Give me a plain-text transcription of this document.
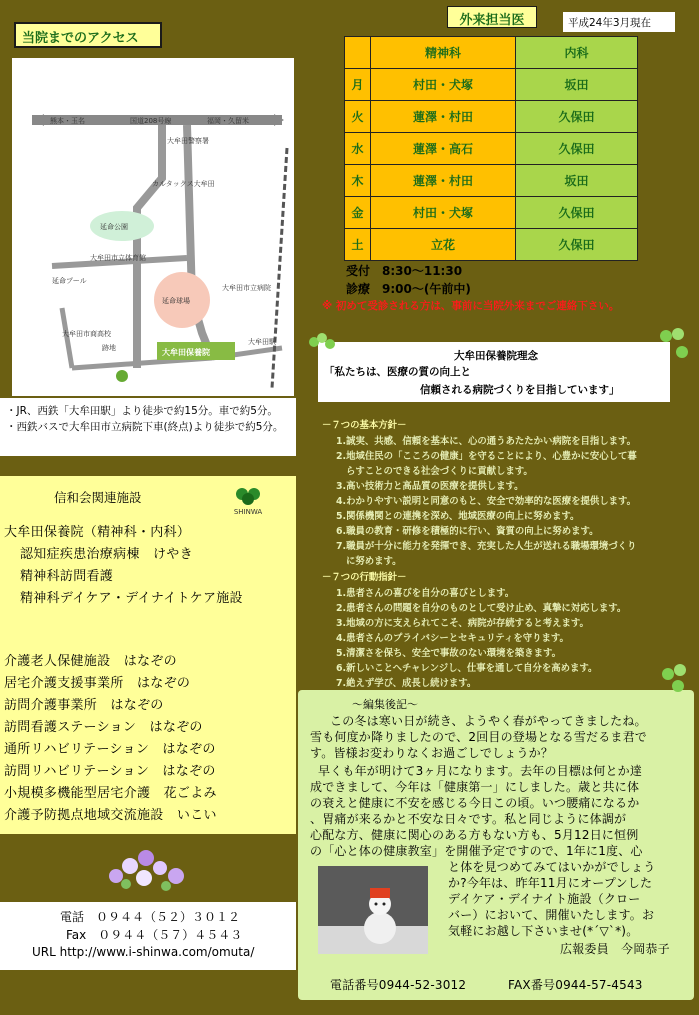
当院までのアクセス
熊本・玉名	国道208号線	福岡・久留米
大牟田警察署
カルタックス大牟田
延命公園
大牟田市立体育館
延命プール
延命球場
大牟田市立病院
大牟田市商高校
跡地	大牟田保養院
大牟田駅
・JR、西鉄「大牟田駅」より徒歩で約15分。車で約5分。
・西鉄バスで大牟田市立病院下車(終点)より徒歩で約5分。
信和会関連施設
SHINWA
大牟田保養院（精神科・内科）
認知症疾患治療病棟　けやき
精神科訪問看護
精神科デイケア・デイナイトケア施設
介護老人保健施設　はなぞの
居宅介護支援事業所　はなぞの
訪問介護事業所　はなぞの
訪問看護ステーション　はなぞの
通所リハビリテーション　はなぞの
訪問リハビリテーション　はなぞの
小規模多機能型居宅介護　花ごよみ
介護予防拠点地域交流施設　いこい
電話　０９４４（５２）３０１２
Fax　０９４４（５７）４５４３
URL http://www.i-shinwa.com/omuta/
外来担当医	平成24年3月現在
	精神科	内科
月	村田・犬塚	坂田
火	蓮澤・村田	久保田
水	蓮澤・高石	久保田
木	蓮澤・村田	坂田
金	村田・犬塚	久保田
土	立花	久保田
受付　8:30～11:30
診療　9:00～(午前中)
※ 初めて受診される方は、事前に当院外来までご連絡下さい。
大牟田保養院理念
「私たちは、医療の質の向上と
信頼される病院づくりを目指しています」
－７つの基本方針－
1.誠実、共感、信頼を基本に、心の通うあたたかい病院を目指します。
2.地域住民の「こころの健康」を守ることにより、心豊かに安心して暮
らすことのできる社会づくりに貢献します。
3.高い技術力と高品質の医療を提供します。
4.わかりやすい説明と同意のもと、安全で効率的な医療を提供します。
5.関係機関との連携を深め、地域医療の向上に努めます。
6.職員の教育・研修を積極的に行い、資質の向上に努めます。
7.職員が十分に能力を発揮でき、充実した人生が送れる職場環境づくり
に努めます。
－７つの行動指針－
1.患者さんの喜びを自分の喜びとします。
2.患者さんの問題を自分のものとして受け止め、真摯に対応します。
3.地域の方に支えられてこそ、病院が存続すると考えます。
4.患者さんのプライバシーとセキュリティを守ります。
5.清潔さを保ち、安全で事故のない環境を築きます。
6.新しいことへチャレンジし、仕事を通して自分を高めます。
7.絶えず学び、成長し続けます。
～編集後記～
この冬は寒い日が続き、ようやく春がやってきましたね。
雪も何度か降りましたので、2回目の登場となる雪だるま君で
す。皆様お変わりなくお過ごしでしょうか？
早くも年が明けて3ヶ月になります。去年の目標は何とか達
成できまして、今年は「健康第一」にしました。歳と共に体
の衰えと健康に不安を感じる今日この頃。いつ腰痛になるか
、胃痛が来るかと不安な日々です。私と同じように体調が
心配な方、健康に関心のある方もない方も、5月12日に恒例
の「心と体の健康教室」を開催予定ですので、1年に1度、心
と体を見つめてみてはいかがでしょう
か?今年は、昨年11月にオープンした
デイケア・デイナイト施設（クロー
バー）において、開催いたします。お
気軽にお越し下さいませ(*´▽`*)。
広報委員　今岡恭子
電話番号0944-52-3012	FAX番号0944-57-4543
